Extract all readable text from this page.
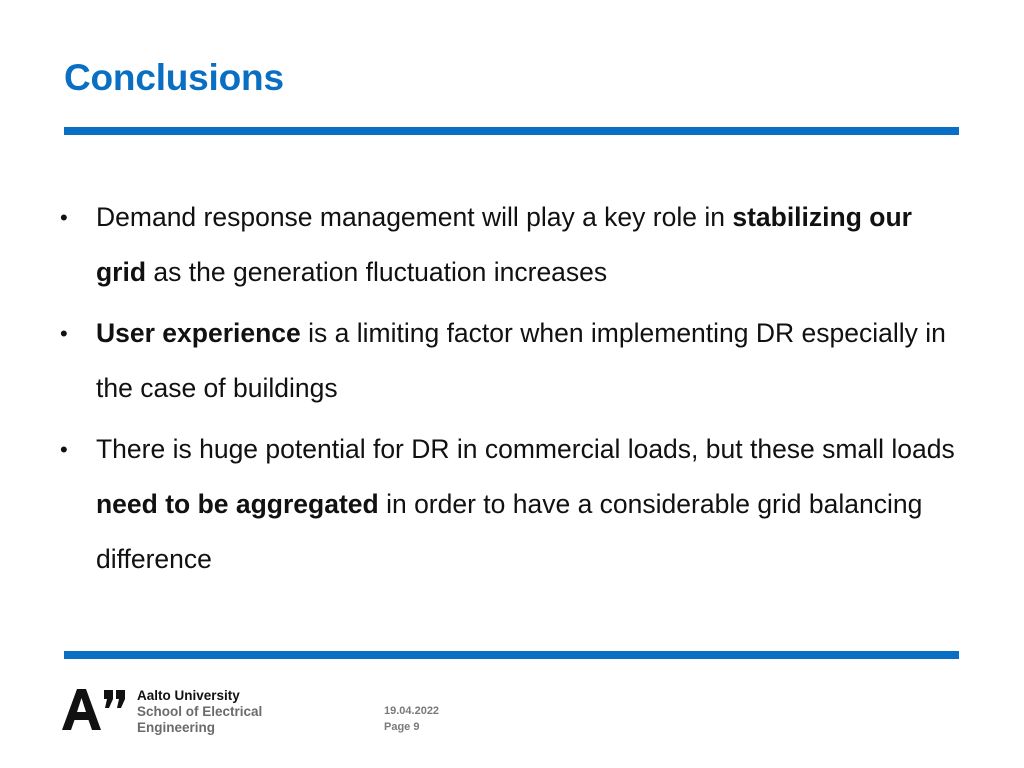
Conclusions
• Demand response management will play a key role in stabilizing our grid as the generation fluctuation increases
• User experience is a limiting factor when implementing DR especially in the case of buildings
• There is huge potential for DR in commercial loads, but these small loads need to be aggregated in order to have a considerable grid balancing difference
Aalto University
School of Electrical
Engineering
19.04.2022
Page 9
